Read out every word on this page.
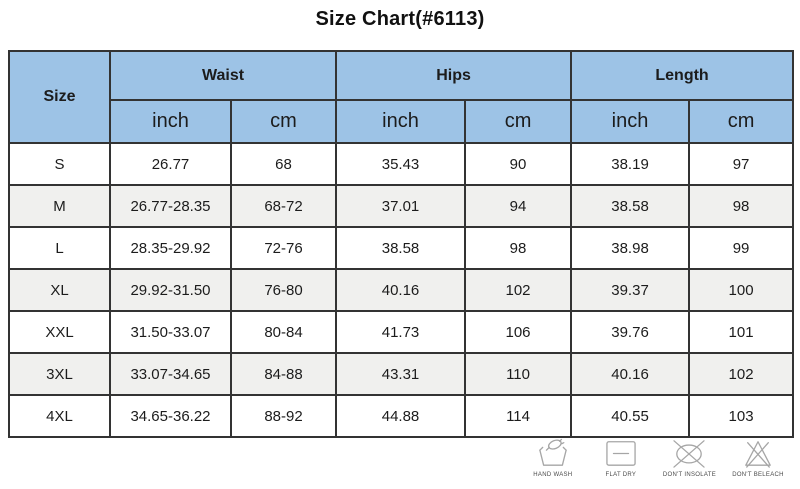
Size Chart(#6113)
Size	Waist		Hips		Length	
	inch	cm	inch	cm	inch	cm
S	26.77	68	35.43	90	38.19	97
M	26.77-28.35	68-72	37.01	94	38.58	98
L	28.35-29.92	72-76	38.58	98	38.98	99
XL	29.92-31.50	76-80	40.16	102	39.37	100
XXL	31.50-33.07	80-84	41.73	106	39.76	101
3XL	33.07-34.65	84-88	43.31	110	40.16	102
4XL	34.65-36.22	88-92	44.88	114	40.55	103
HAND WASH	FLAT DRY	DON'T INSOLATE	DON'T BELEACH
